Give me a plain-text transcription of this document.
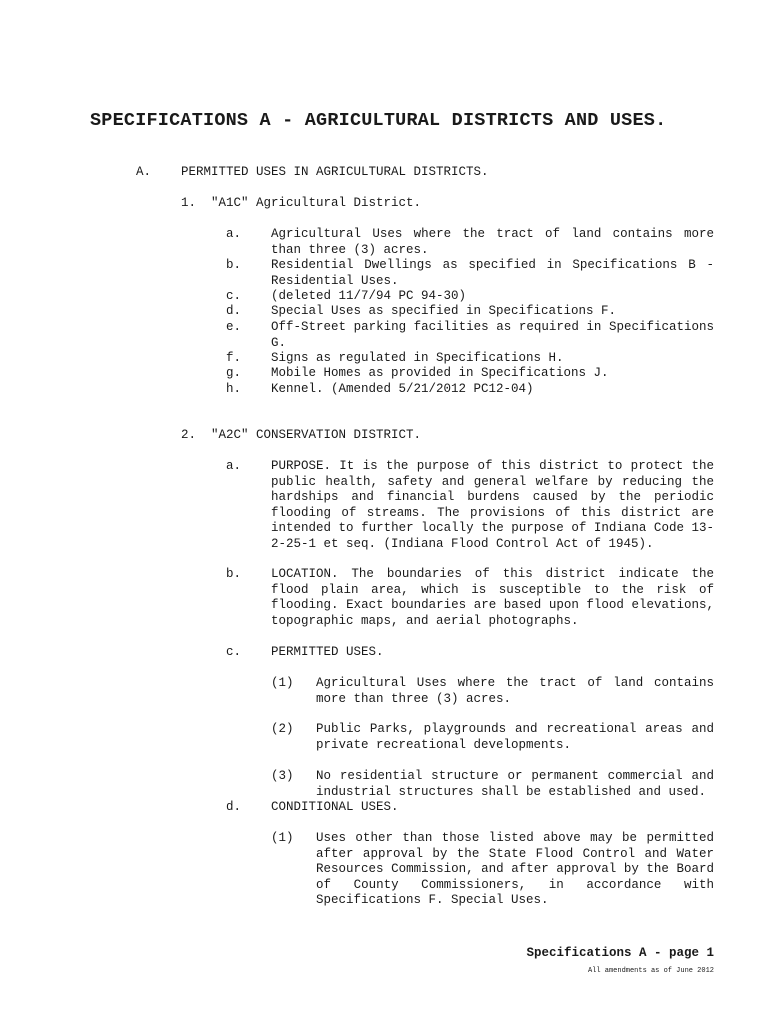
SPECIFICATIONS A - AGRICULTURAL DISTRICTS AND USES.
A. PERMITTED USES IN AGRICULTURAL DISTRICTS.
1. "A1C" Agricultural District.
a. Agricultural Uses where the tract of land contains more than three (3) acres.
b. Residential Dwellings as specified in Specifications B - Residential Uses.
c. (deleted 11/7/94 PC 94-30)
d. Special Uses as specified in Specifications F.
e. Off-Street parking facilities as required in Specifications G.
f. Signs as regulated in Specifications H.
g. Mobile Homes as provided in Specifications J.
h. Kennel. (Amended 5/21/2012 PC12-04)
2. "A2C" CONSERVATION DISTRICT.
a. PURPOSE. It is the purpose of this district to protect the public health, safety and general welfare by reducing the hardships and financial burdens caused by the periodic flooding of streams. The provisions of this district are intended to further locally the purpose of Indiana Code 13-2-25-1 et seq. (Indiana Flood Control Act of 1945).
b. LOCATION. The boundaries of this district indicate the flood plain area, which is susceptible to the risk of flooding. Exact boundaries are based upon flood elevations, topographic maps, and aerial photographs.
c. PERMITTED USES.
(1) Agricultural Uses where the tract of land contains more than three (3) acres.
(2) Public Parks, playgrounds and recreational areas and private recreational developments.
(3) No residential structure or permanent commercial and industrial structures shall be established and used.
d. CONDITIONAL USES.
(1) Uses other than those listed above may be permitted after approval by the State Flood Control and Water Resources Commission, and after approval by the Board of County Commissioners, in accordance with Specifications F. Special Uses.
Specifications A - page 1
All amendments as of June 2012
